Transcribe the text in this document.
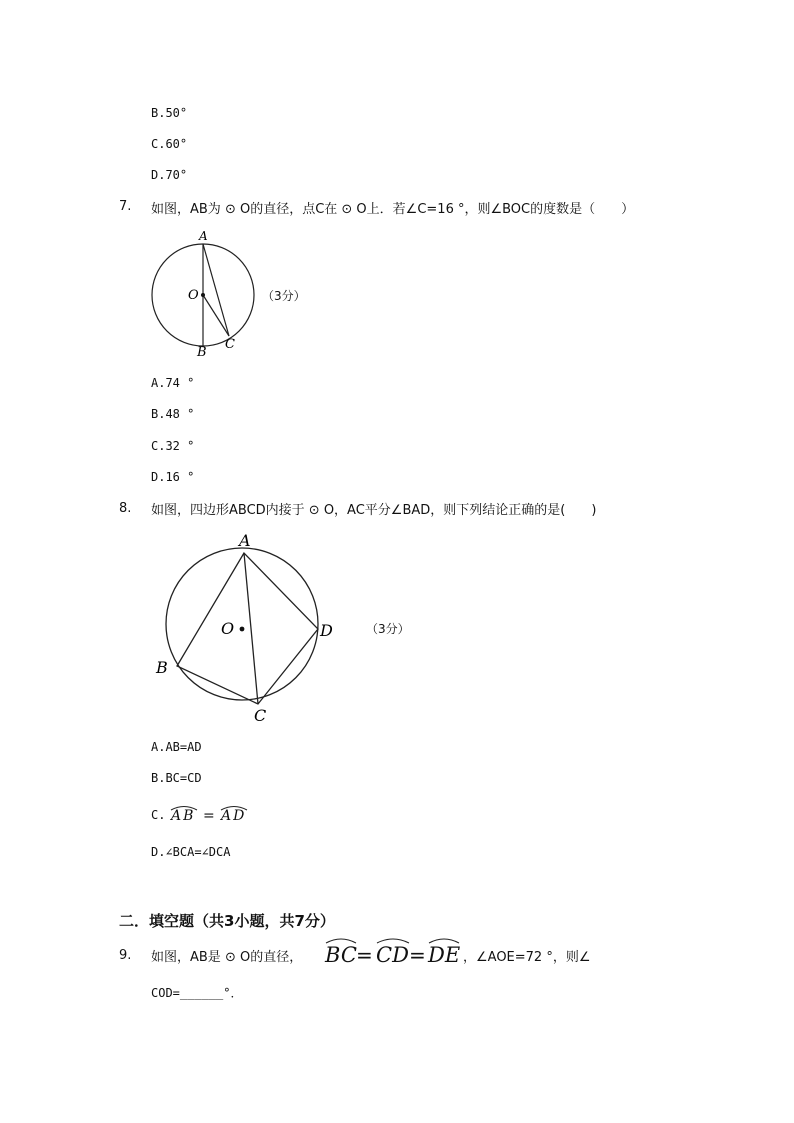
B.50°
C.60°
D.70°
7. 如图，AB为 ⊙ O的直径，点C在 ⊙ O上．若∠C=16 °，则∠BOC的度数是（　　）
A
O
B
C
（3分）
A.74 °
B.48 °
C.32 °
D.16 °
8. 如图，四边形ABCD内接于 ⊙ O，AC平分∠BAD，则下列结论正确的是(　　)
A
O
B
C
D	（3分）
A.AB=AD
B.BC=CD
C. AB = AD
D.∠BCA=∠DCA
二．填空题（共3小题，共7分）
9. 如图，AB是 ⊙ O的直径， BC = CD = DE ，∠AOE=72 °，则∠
COD=______°．
